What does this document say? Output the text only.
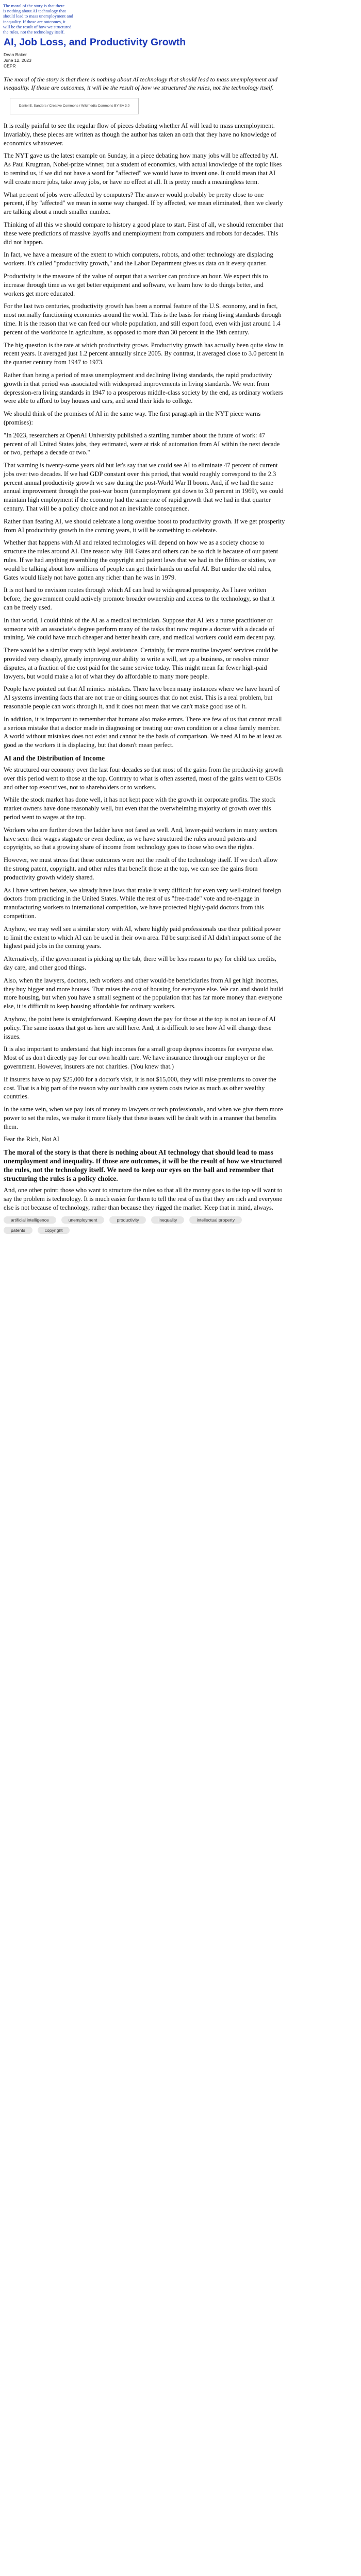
The moral of the story is that there
is nothing about AI technology that
should lead to mass unemployment and
inequality. If those are outcomes, it
will be the result of how we structured
the rules, not the technology itself.
AI, Job Loss, and Productivity Growth
Dean Baker
June 12, 2023
CEPR
The moral of the story is that there is nothing about AI technology that should lead to mass unemployment and inequality. If those are outcomes, it will be the result of how we structured the rules, not the technology itself.
Daniel E. Sanders / Creative Commons / Wikimedia Commons BY-SA 3.0

It is really painful to see the regular flow of pieces debating whether AI will lead to mass unemployment. Invariably, these pieces are written as though the author has taken an oath that they have no knowledge of economics whatsoever.

The NYT gave us the latest example on Sunday, in a piece debating how many jobs will be affected by AI. As Paul Krugman, Nobel-prize winner, but a student of economics, with actual knowledge of the topic likes to remind us, if we did not have a word for "affected" we would have to invent one. It could mean that AI will create more jobs, take away jobs, or have no effect at all. It is pretty much a meaningless term.

What percent of jobs were affected by computers? The answer would probably be pretty close to one percent, if by "affected" we mean in some way changed. If by affected, we mean eliminated, then we clearly are talking about a much smaller number.

Thinking of all this we should compare to history a good place to start. First of all, we should remember that these were predictions of massive layoffs and unemployment from computers and robots for decades. This did not happen.

In fact, we have a measure of the extent to which computers, robots, and other technology are displacing workers. It's called "productivity growth," and the Labor Department gives us data on it every quarter.

Productivity is the measure of the value of output that a worker can produce an hour. We expect this to increase through time as we get better equipment and software, we learn how to do things better, and workers get more educated.

For the last two centuries, productivity growth has been a normal feature of the U.S. economy, and in fact, most normally functioning economies around the world. This is the basis for rising living standards through time. It is the reason that we can feed our whole population, and still export food, even with just around 1.4 percent of the workforce in agriculture, as opposed to more than 30 percent in the 19th century.

The big question is the rate at which productivity grows. Productivity growth has actually been quite slow in recent years. It averaged just 1.2 percent annually since 2005. By contrast, it averaged close to 3.0 percent in the quarter century from 1947 to 1973.

Rather than being a period of mass unemployment and declining living standards, the rapid productivity growth in that period was associated with widespread improvements in living standards. We went from depression-era living standards in 1947 to a prosperous middle-class society by the end, as ordinary workers were able to afford to buy houses and cars, and send their kids to college.

We should think of the promises of AI in the same way. The first paragraph in the NYT piece warns (promises):

"In 2023, researchers at OpenAI University published a startling number about the future of work: 47 percent of all United States jobs, they estimated, were at risk of automation from AI within the next decade or two, perhaps a decade or two."

That warning is twenty-some years old but let's say that we could see AI to eliminate 47 percent of current jobs over two decades. If we had GDP constant over this period, that would roughly correspond to the 2.3 percent annual productivity growth we saw during the post-World War II boom. And, if we had the same annual improvement through the post-war boom (unemployment got down to 3.0 percent in 1969), we could maintain high employment if the economy had the same rate of rapid growth that we had in that quarter century. That will be a policy choice and not an inevitable consequence.

Rather than fearing AI, we should celebrate a long overdue boost to productivity growth. If we get prosperity from AI productivity growth in the coming years, it will be something to celebrate.

Whether that happens with AI and related technologies will depend on how we as a society choose to structure the rules around AI. One reason why Bill Gates and others can be so rich is because of our patent rules. If we had anything resembling the copyright and patent laws that we had in the fifties or sixties, we would be talking about how millions of people can get their hands on useful AI. But under the old rules, Gates would likely not have gotten any richer than he was in 1979.

It is not hard to envision routes through which AI can lead to widespread prosperity. As I have written before, the government could actively promote broader ownership and access to the technology, so that it can be freely used.

In that world, I could think of the AI as a medical technician. Suppose that AI lets a nurse practitioner or someone with an associate's degree perform many of the tasks that now require a doctor with a decade of training. We could have much cheaper and better health care, and medical workers could earn decent pay.

There would be a similar story with legal assistance. Certainly, far more routine lawyers' services could be provided very cheaply, greatly improving our ability to write a will, set up a business, or resolve minor disputes, at a fraction of the cost paid for the same service today. This might mean far fewer high-paid lawyers, but would make a lot of what they do affordable to many more people.

People have pointed out that AI mimics mistakes. There have been many instances where we have heard of AI systems inventing facts that are not true or citing sources that do not exist. This is a real problem, but reasonable people can work through it, and it does not mean that we can't make good use of it.

In addition, it is important to remember that humans also make errors. There are few of us that cannot recall a serious mistake that a doctor made in diagnosing or treating our own condition or a close family member. A world without mistakes does not exist and cannot be the basis of comparison. We need AI to be at least as good as the workers it is displacing, but that doesn't mean perfect.

AI and the Distribution of Income

We structured our economy over the last four decades so that most of the gains from the productivity growth over this period went to those at the top. Contrary to what is often asserted, most of the gains went to CEOs and other top executives, not to shareholders or to workers.

While the stock market has done well, it has not kept pace with the growth in corporate profits. The stock market owners have done reasonably well, but even that the overwhelming majority of growth over this period went to wages at the top.

Workers who are further down the ladder have not fared as well. And, lower-paid workers in many sectors have seen their wages stagnate or even decline, as we have structured the rules around patents and copyrights, so that a growing share of income from technology goes to those who own the rights.

However, we must stress that these outcomes were not the result of the technology itself. If we don't allow the strong patent, copyright, and other rules that benefit those at the top, we can see the gains from productivity growth widely shared.

As I have written before, we already have laws that make it very difficult for even very well-trained foreign doctors from practicing in the United States. While the rest of us "free-trade" vote and re-engage in manufacturing workers to international competition, we have protected highly-paid doctors from this competition.

Anyhow, we may well see a similar story with AI, where highly paid professionals use their political power to limit the extent to which AI can be used in their own area. I'd be surprised if AI didn't impact some of the highest paid jobs in the coming years.

Alternatively, if the government is picking up the tab, there will be less reason to pay for child tax credits, day care, and other good things.

Also, when the lawyers, doctors, tech workers and other would-be beneficiaries from AI get high incomes, they buy bigger and more houses. That raises the cost of housing for everyone else. We can and should build more housing, but when you have a small segment of the population that has far more money than everyone else, it is difficult to keep housing affordable for ordinary workers.

Anyhow, the point here is straightforward. Keeping down the pay for those at the top is not an issue of AI policy. The same issues that got us here are still here. And, it is difficult to see how AI will change these issues.

It is also important to understand that high incomes for a small group depress incomes for everyone else. Most of us don't directly pay for our own health care. We have insurance through our employer or the government. However, insurers are not charities. (You knew that.)

If insurers have to pay $25,000 for a doctor's visit, it is not $15,000, they will raise premiums to cover the cost. That is a big part of the reason why our health care system costs twice as much as other wealthy countries.

In the same vein, when we pay lots of money to lawyers or tech professionals, and when we give them more power to set the rules, we make it more likely that these issues will be dealt with in a manner that benefits them.

Fear the Rich, Not AI

The moral of the story is that there is nothing about AI technology that should lead to mass unemployment and inequality. If those are outcomes, it will be the result of how we structured the rules, not the technology itself. We need to keep our eyes on the ball and remember that structuring the rules is a policy choice.

And, one other point: those who want to structure the rules so that all the money goes to the top will want to say the problem is technology. It is much easier for them to tell the rest of us that they are rich and everyone else is not because of technology, rather than because they rigged the market. Keep that in mind, always.

artificial intelligence	unemployment	productivity	inequality	intellectual property
patents	copyright
